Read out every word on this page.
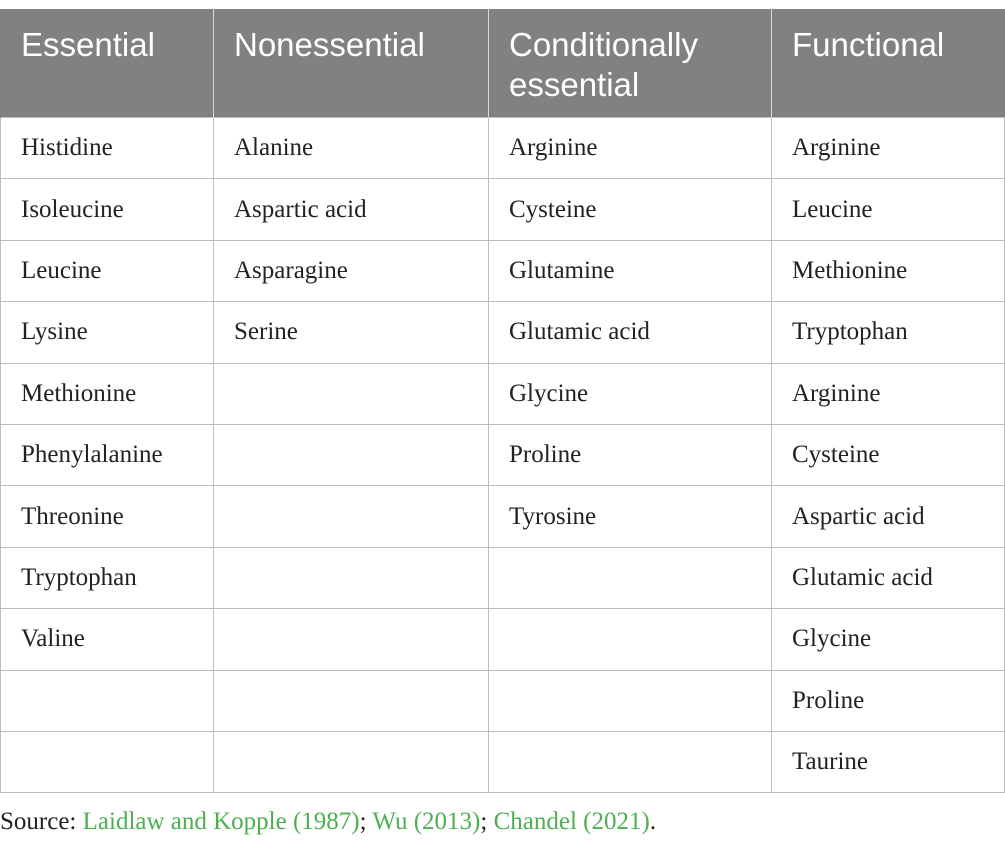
Essential	Nonessential	Conditionally essential	Functional
Histidine	Alanine	Arginine	Arginine
Isoleucine	Aspartic acid	Cysteine	Leucine
Leucine	Asparagine	Glutamine	Methionine
Lysine	Serine	Glutamic acid	Tryptophan
Methionine		Glycine	Arginine
Phenylalanine		Proline	Cysteine
Threonine		Tyrosine	Aspartic acid
Tryptophan			Glutamic acid
Valine			Glycine
			Proline
			Taurine
Source: Laidlaw and Kopple (1987); Wu (2013); Chandel (2021).
